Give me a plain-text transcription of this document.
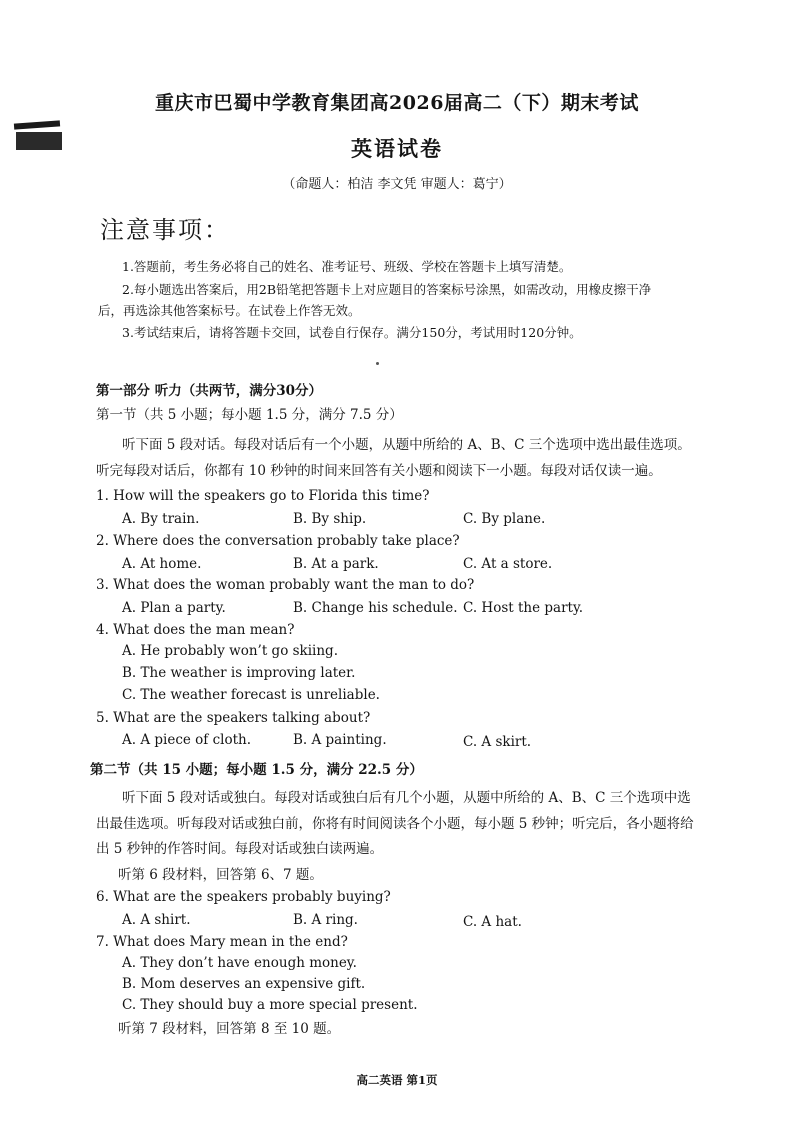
重庆市巴蜀中学教育集团高2026届高二（下）期末考试
英语试卷
（命题人：柏洁 李文凭 审题人：葛宁）
注意事项：
1.答题前，考生务必将自己的姓名、准考证号、班级、学校在答题卡上填写清楚。
2.每小题选出答案后，用2B铅笔把答题卡上对应题目的答案标号涂黑，如需改动，用橡皮擦干净
后，再选涂其他答案标号。在试卷上作答无效。
3.考试结束后，请将答题卡交回，试卷自行保存。满分150分，考试用时120分钟。
第一部分 听力（共两节，满分30分）
第一节（共 5 小题；每小题 1.5 分，满分 7.5 分）
听下面 5 段对话。每段对话后有一个小题，从题中所给的 A、B、C 三个选项中选出最佳选项。
听完每段对话后，你都有 10 秒钟的时间来回答有关小题和阅读下一小题。每段对话仅读一遍。
1. How will the speakers go to Florida this time?
A. By train.	B. By ship.	C. By plane.
2. Where does the conversation probably take place?
A. At home.	B. At a park.	C. At a store.
3. What does the woman probably want the man to do?
A. Plan a party.	B. Change his schedule. C. Host the party.
4. What does the man mean?
A. He probably won’t go skiing.
B. The weather is improving later.
C. The weather forecast is unreliable.
5. What are the speakers talking about?
A. A piece of cloth.	B. A painting.	C. A skirt.
第二节（共 15 小题；每小题 1.5 分，满分 22.5 分）
听下面 5 段对话或独白。每段对话或独白后有几个小题，从题中所给的 A、B、C 三个选项中选
出最佳选项。听每段对话或独白前，你将有时间阅读各个小题，每小题 5 秒钟；听完后，各小题将给
出 5 秒钟的作答时间。每段对话或独白读两遍。
听第 6 段材料，回答第 6、7 题。
6. What are the speakers probably buying?
A. A shirt.	B. A ring.	C. A hat.
7. What does Mary mean in the end?
A. They don’t have enough money.
B. Mom deserves an expensive gift.
C. They should buy a more special present.
听第 7 段材料，回答第 8 至 10 题。
高二英语 第1页
